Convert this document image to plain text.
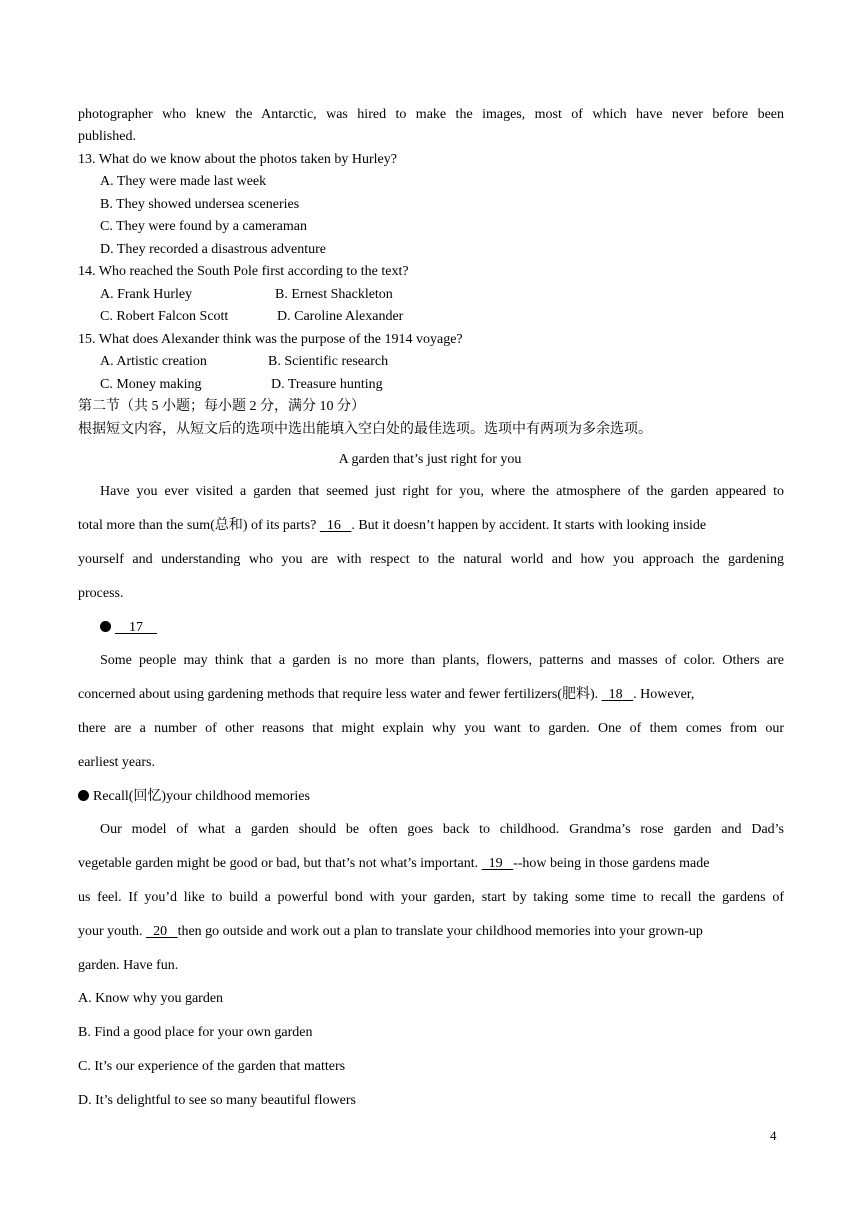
photographer who knew the Antarctic, was hired to make the images, most of which have never before been
published.
13. What do we know about the photos taken by Hurley?
A. They were made last week
B. They showed undersea sceneries
C. They were found by a cameraman
D. They recorded a disastrous adventure
14. Who reached the South Pole first according to the text?
A. Frank Hurley	B. Ernest Shackleton
C. Robert Falcon Scott	D. Caroline Alexander
15. What does Alexander think was the purpose of the 1914 voyage?
A. Artistic creation	B. Scientific research
C. Money making	D. Treasure hunting
第二节（共 5 小题；每小题 2 分，满分 10 分）
根据短文内容，从短文后的选项中选出能填入空白处的最佳选项。选项中有两项为多余选项。
A garden that’s just right for you
Have you ever visited a garden that seemed just right for you, where the atmosphere of the garden appeared to
total more than the sum(总和) of its parts? 16 . But it doesn’t happen by accident. It starts with looking inside
yourself and understanding who you are with respect to the natural world and how you approach the gardening
process.
17
Some people may think that a garden is no more than plants, flowers, patterns and masses of color. Others are
concerned about using gardening methods that require less water and fewer fertilizers(肥料). 18 . However,
there are a number of other reasons that might explain why you want to garden. One of them comes from our
earliest years.
Recall(回忆)your childhood memories
Our model of what a garden should be often goes back to childhood. Grandma’s rose garden and Dad’s
vegetable garden might be good or bad, but that’s not what’s important. 19 --how being in those gardens made
us feel. If you’d like to build a powerful bond with your garden, start by taking some time to recall the gardens of
your youth. 20 then go outside and work out a plan to translate your childhood memories into your grown-up
garden. Have fun.
A. Know why you garden
B. Find a good place for your own garden
C. It’s our experience of the garden that matters
D. It’s delightful to see so many beautiful flowers
4
